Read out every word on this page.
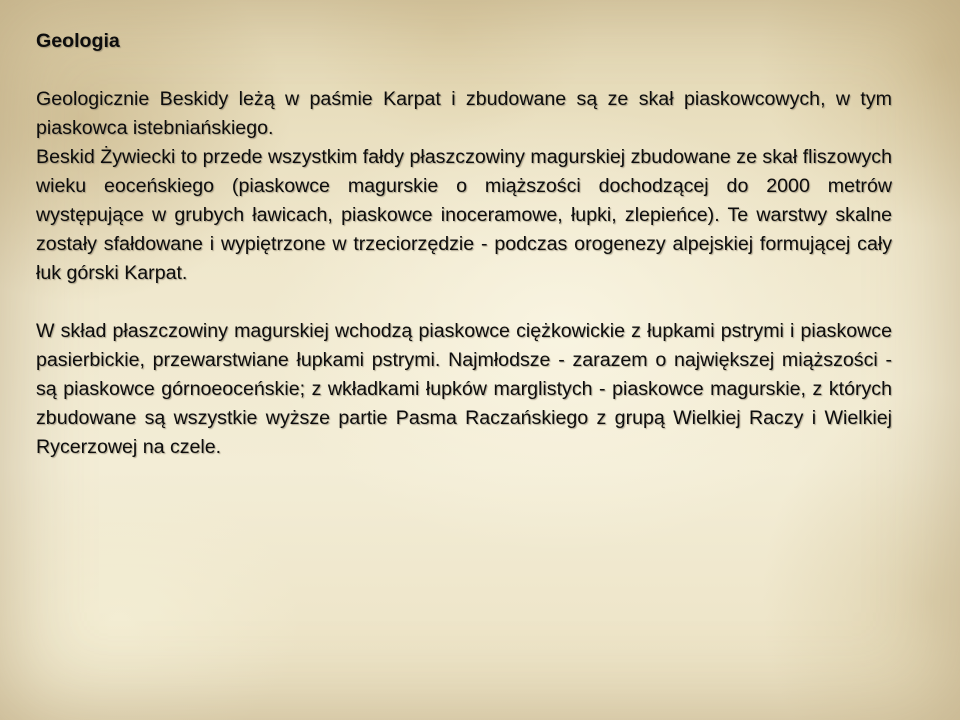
Geologia

Geologicznie Beskidy leżą w paśmie Karpat i zbudowane są ze skał piaskowcowych, w tym piaskowca istebniańskiego.

Beskid Żywiecki to przede wszystkim fałdy płaszczowiny magurskiej zbudowane ze skał fliszowych wieku eoceńskiego (piaskowce magurskie o miąższości dochodzącej do 2000 metrów występujące w grubych ławicach, piaskowce inoceramowe, łupki, zlepieńce). Te warstwy skalne zostały sfałdowane i wypiętrzone w trzeciorzędzie - podczas orogenezy alpejskiej formującej cały łuk górski Karpat.

W skład płaszczowiny magurskiej wchodzą piaskowce ciężkowickie z łupkami pstrymi i piaskowce pasierbickie, przewarstwiane łupkami pstrymi. Najmłodsze - zarazem o największej miąższości - są piaskowce górnoeoceńskie; z wkładkami łupków marglistych - piaskowce magurskie, z których zbudowane są wszystkie wyższe partie Pasma Raczańskiego z grupą Wielkiej Raczy i Wielkiej Rycerzowej na czele.
